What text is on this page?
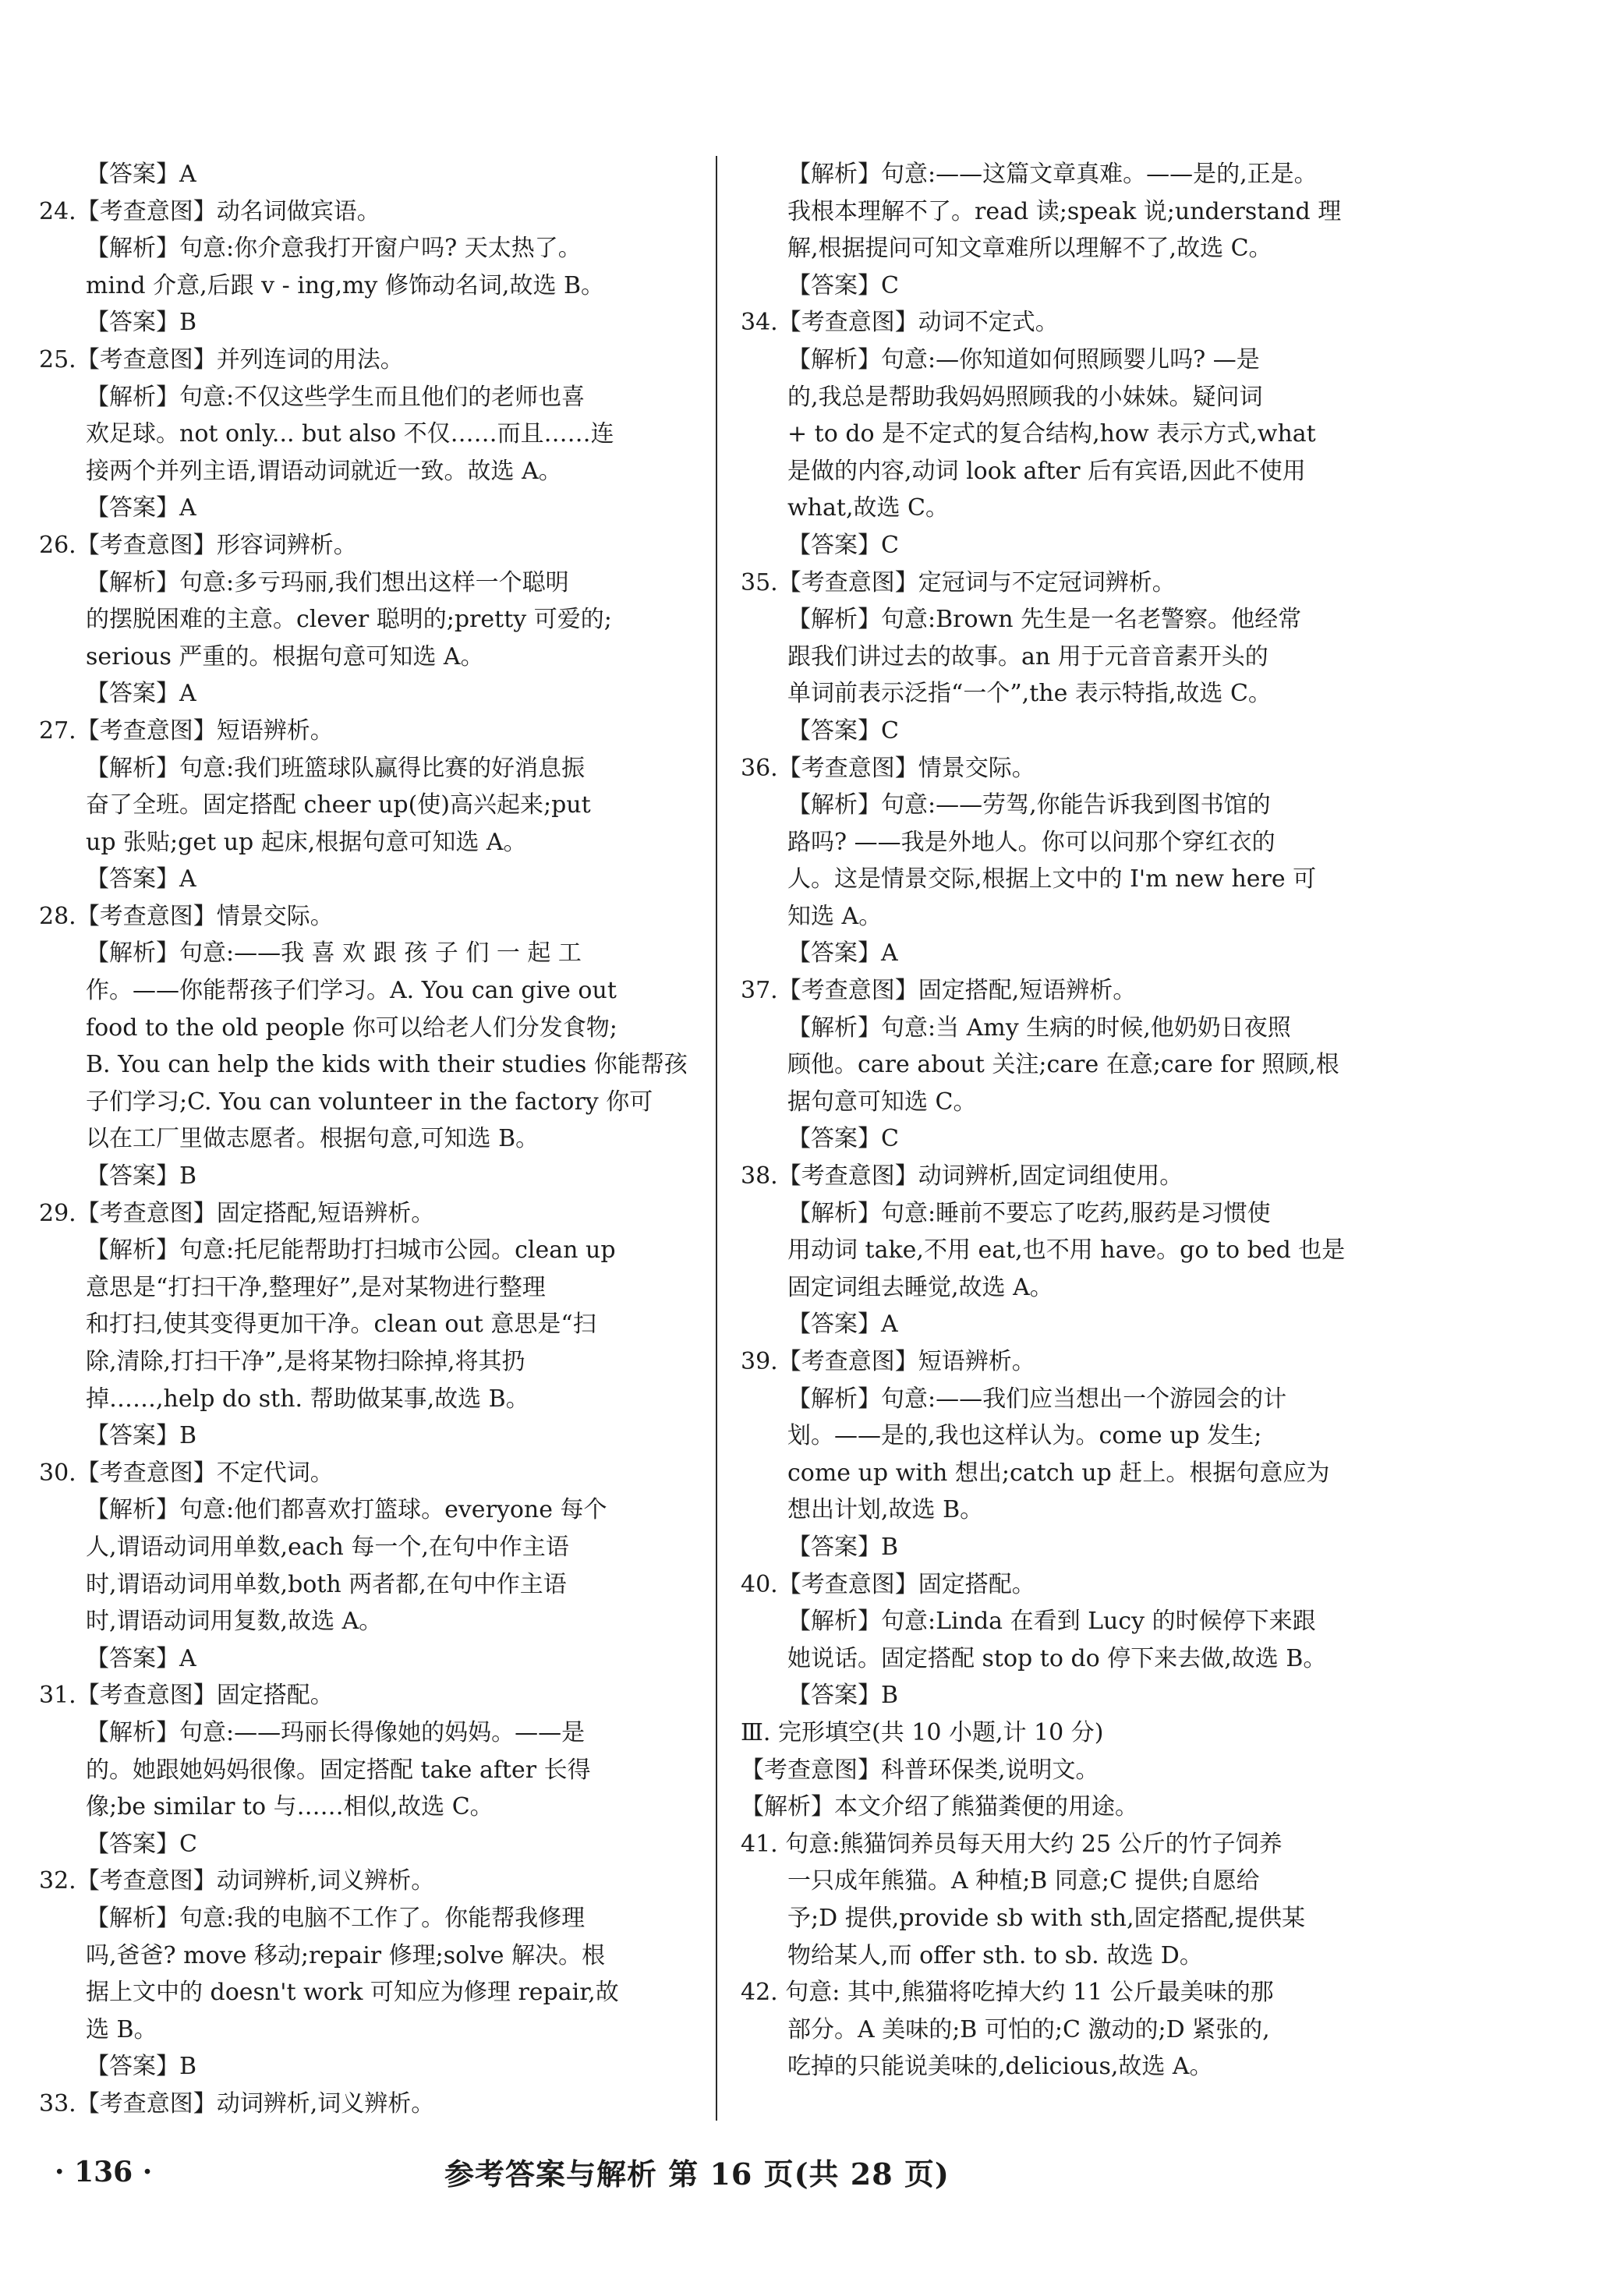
【答案】A
24.【考查意图】动名词做宾语。
【解析】句意:你介意我打开窗户吗? 天太热了。
mind 介意,后跟 v - ing,my 修饰动名词,故选 B。
【答案】B
25.【考查意图】并列连词的用法。
【解析】句意:不仅这些学生而且他们的老师也喜
欢足球。not only... but also 不仅……而且……连
接两个并列主语,谓语动词就近一致。故选 A。
【答案】A
26.【考查意图】形容词辨析。
【解析】句意:多亏玛丽,我们想出这样一个聪明
的摆脱困难的主意。clever 聪明的;pretty 可爱的;
serious 严重的。根据句意可知选 A。
【答案】A
27.【考查意图】短语辨析。
【解析】句意:我们班篮球队赢得比赛的好消息振
奋了全班。固定搭配 cheer up(使)高兴起来;put
up 张贴;get up 起床,根据句意可知选 A。
【答案】A
28.【考查意图】情景交际。
【解析】句意:——我 喜 欢 跟 孩 子 们 一 起 工
作。——你能帮孩子们学习。A. You can give out
food to the old people 你可以给老人们分发食物;
B. You can help the kids with their studies 你能帮孩
子们学习;C. You can volunteer in the factory 你可
以在工厂里做志愿者。根据句意,可知选 B。
【答案】B
29.【考查意图】固定搭配,短语辨析。
【解析】句意:托尼能帮助打扫城市公园。clean up
意思是“打扫干净,整理好”,是对某物进行整理
和打扫,使其变得更加干净。clean out 意思是“扫
除,清除,打扫干净”,是将某物扫除掉,将其扔
掉……,help do sth. 帮助做某事,故选 B。
【答案】B
30.【考查意图】不定代词。
【解析】句意:他们都喜欢打篮球。everyone 每个
人,谓语动词用单数,each 每一个,在句中作主语
时,谓语动词用单数,both 两者都,在句中作主语
时,谓语动词用复数,故选 A。
【答案】A
31.【考查意图】固定搭配。
【解析】句意:——玛丽长得像她的妈妈。——是
的。她跟她妈妈很像。固定搭配 take after 长得
像;be similar to 与……相似,故选 C。
【答案】C
32.【考查意图】动词辨析,词义辨析。
【解析】句意:我的电脑不工作了。你能帮我修理
吗,爸爸? move 移动;repair 修理;solve 解决。根
据上文中的 doesn't work 可知应为修理 repair,故
选 B。
【答案】B
33.【考查意图】动词辨析,词义辨析。
【解析】句意:——这篇文章真难。——是的,正是。
我根本理解不了。read 读;speak 说;understand 理
解,根据提问可知文章难所以理解不了,故选 C。
【答案】C
34.【考查意图】动词不定式。
【解析】句意:—你知道如何照顾婴儿吗? —是
的,我总是帮助我妈妈照顾我的小妹妹。疑问词
+ to do 是不定式的复合结构,how 表示方式,what
是做的内容,动词 look after 后有宾语,因此不使用
what,故选 C。
【答案】C
35.【考查意图】定冠词与不定冠词辨析。
【解析】句意:Brown 先生是一名老警察。他经常
跟我们讲过去的故事。an 用于元音音素开头的
单词前表示泛指“一个”,the 表示特指,故选 C。
【答案】C
36.【考查意图】情景交际。
【解析】句意:——劳驾,你能告诉我到图书馆的
路吗? ——我是外地人。你可以问那个穿红衣的
人。这是情景交际,根据上文中的 I'm new here 可
知选 A。
【答案】A
37.【考查意图】固定搭配,短语辨析。
【解析】句意:当 Amy 生病的时候,他奶奶日夜照
顾他。care about 关注;care 在意;care for 照顾,根
据句意可知选 C。
【答案】C
38.【考查意图】动词辨析,固定词组使用。
【解析】句意:睡前不要忘了吃药,服药是习惯使
用动词 take,不用 eat,也不用 have。go to bed 也是
固定词组去睡觉,故选 A。
【答案】A
39.【考查意图】短语辨析。
【解析】句意:——我们应当想出一个游园会的计
划。——是的,我也这样认为。come up 发生;
come up with 想出;catch up 赶上。根据句意应为
想出计划,故选 B。
【答案】B
40.【考查意图】固定搭配。
【解析】句意:Linda 在看到 Lucy 的时候停下来跟
她说话。固定搭配 stop to do 停下来去做,故选 B。
【答案】B
Ⅲ. 完形填空(共 10 小题,计 10 分)
【考查意图】科普环保类,说明文。
【解析】本文介绍了熊猫粪便的用途。
41. 句意:熊猫饲养员每天用大约 25 公斤的竹子饲养
一只成年熊猫。A 种植;B 同意;C 提供;自愿给
予;D 提供,provide sb with sth,固定搭配,提供某
物给某人,而 offer sth. to sb. 故选 D。
42. 句意: 其中,熊猫将吃掉大约 11 公斤最美味的那
部分。A 美味的;B 可怕的;C 激动的;D 紧张的,
吃掉的只能说美味的,delicious,故选 A。
· 136 ·	参考答案与解析 第 16 页(共 28 页)
